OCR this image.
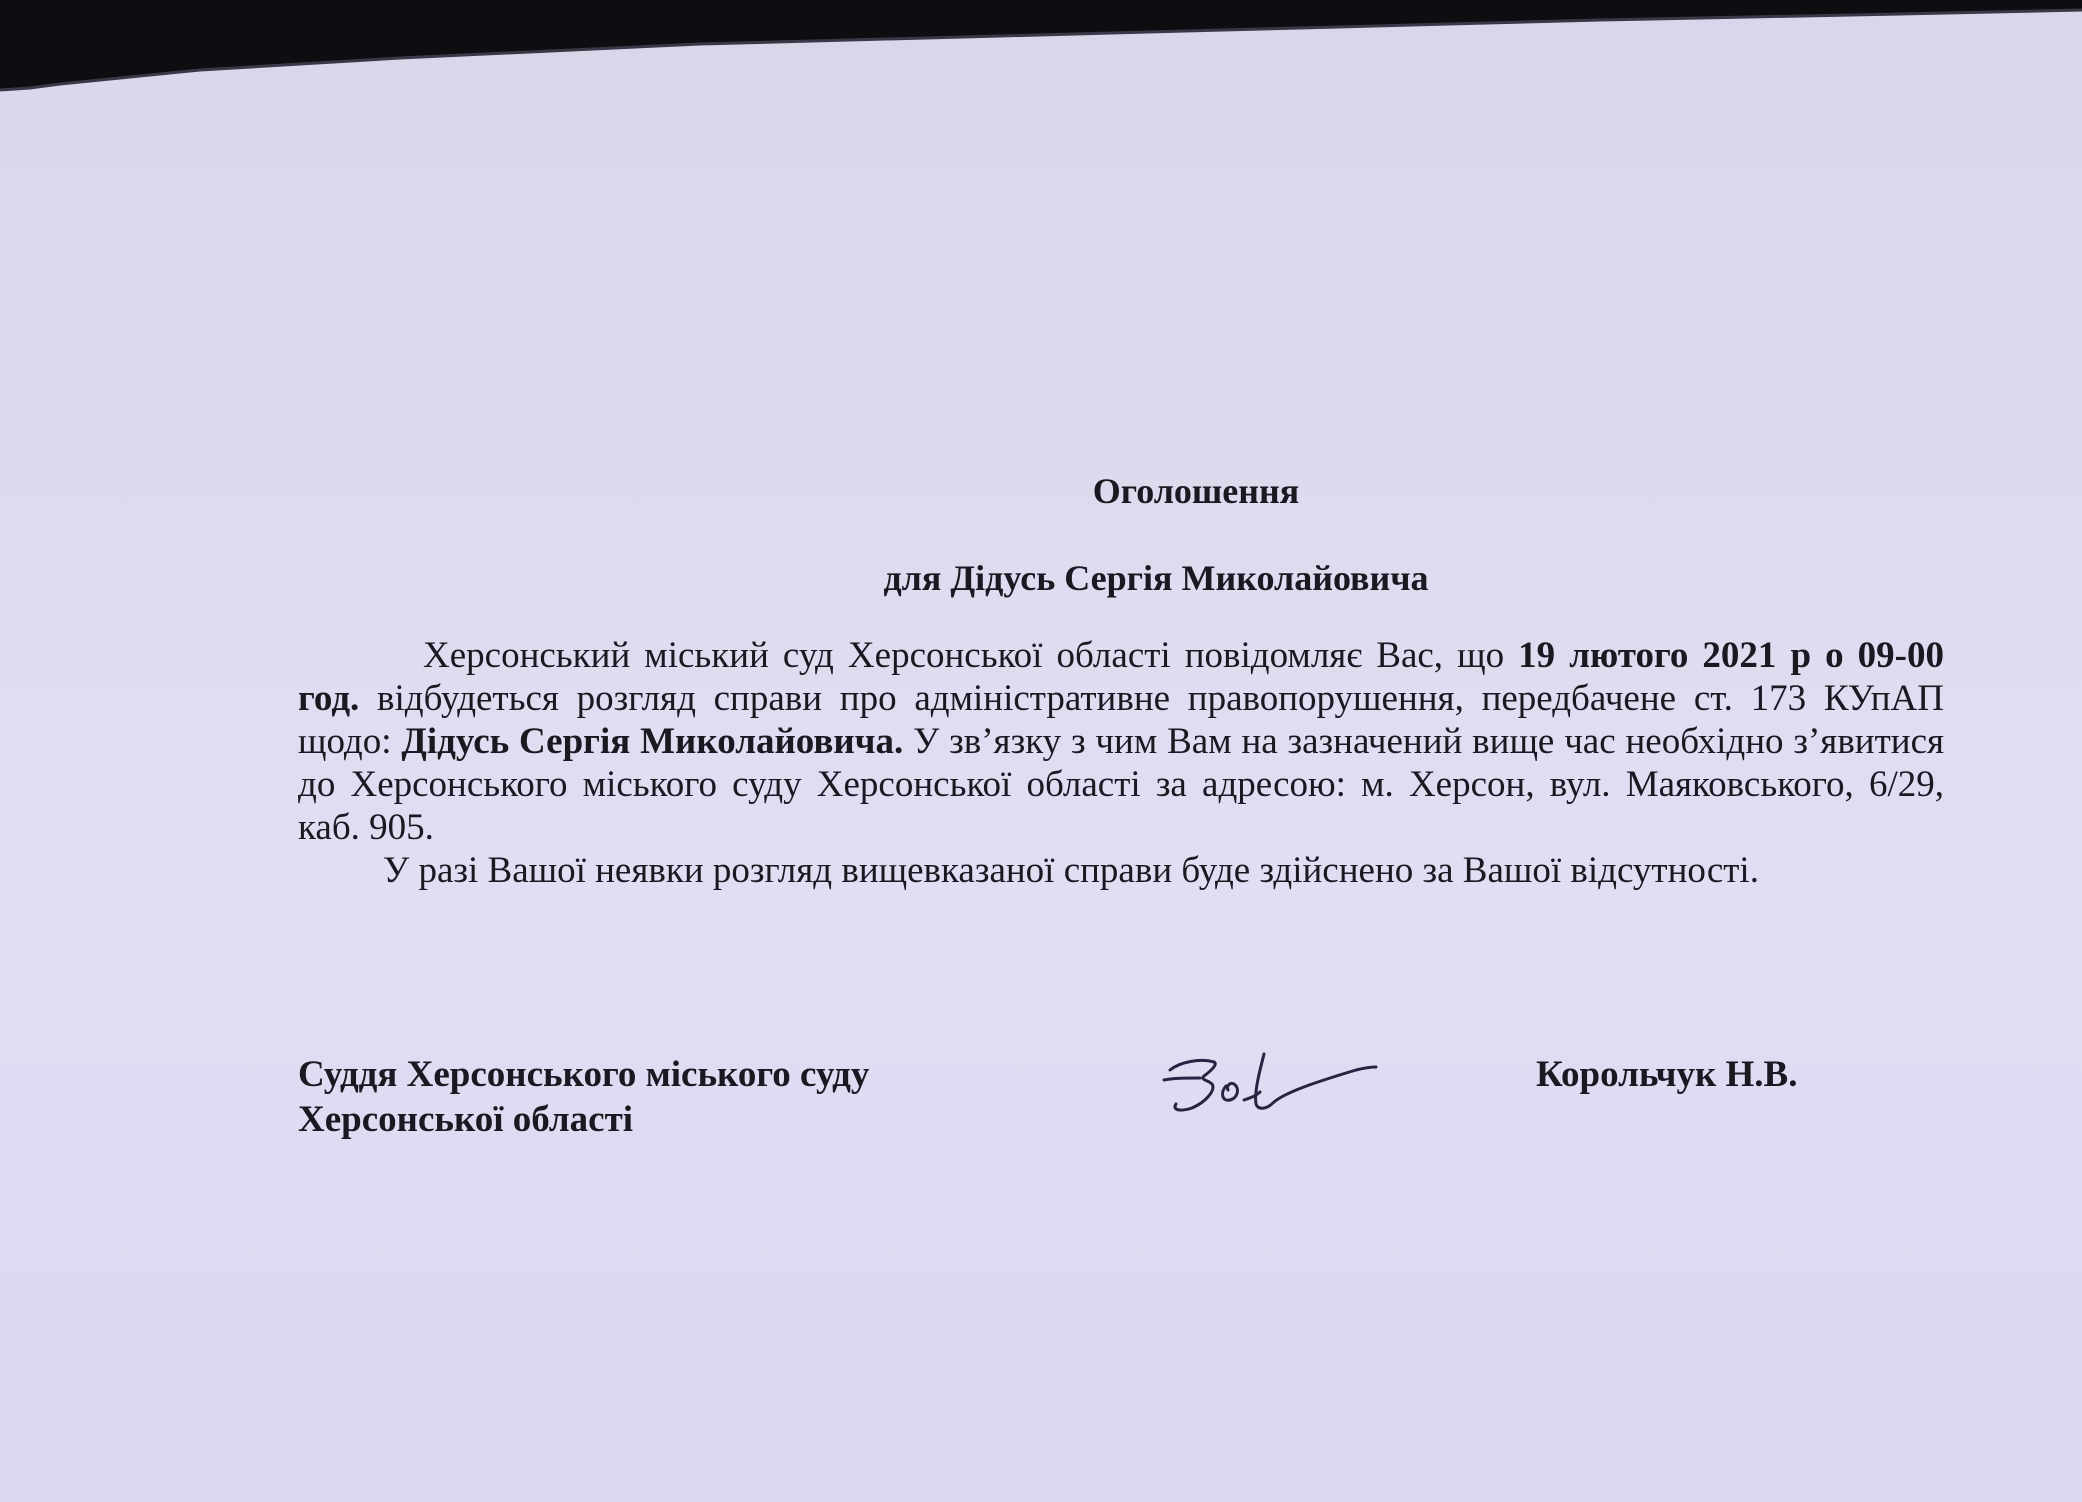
Оголошення
для Дідусь Сергія Миколайовича

Херсонський міський суд Херсонської області повідомляє Вас, що 19 лютого 2021 р о 09-00 год. відбудеться розгляд справи про адміністративне правопорушення, передбачене ст. 173 КУпАП щодо: Дідусь Сергія Миколайовича. У зв’язку з чим Вам на зазначений вище час необхідно з’явитися до Херсонського міського суду Херсонської області за адресою: м. Херсон, вул. Маяковського, 6/29, каб. 905.

У разі Вашої неявки розгляд вищевказаної справи буде здійснено за Вашої відсутності.

Суддя Херсонського міського суду
Херсонської області
Корольчук Н.В.
